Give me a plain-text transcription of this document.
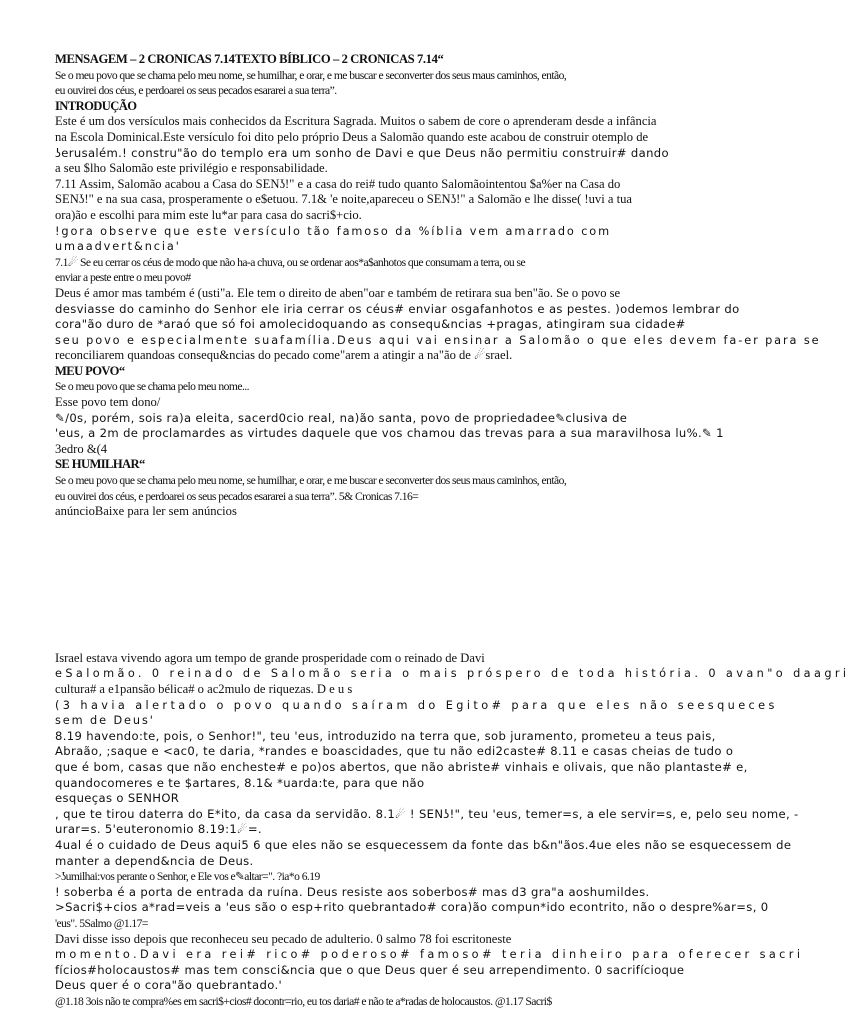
MENSAGEM – 2 CRONICAS 7.14TEXTO BÍBLICO – 2 CRONICAS 7.14“
Se o meu povo que se chama pelo meu nome, se humilhar, e orar, e me buscar e seconverter dos seus maus caminhos, então,
eu ouvirei dos céus, e perdoarei os seus pecados esararei a sua terra”.
INTRODUÇÃO
Este é um dos versículos mais conhecidos da Escritura Sagrada. Muitos o sabem de core o aprenderam desde a infância
na Escola Dominical.Este versículo foi dito pelo próprio Deus a Salomão quando este acabou de construir otemplo de
ʖerusalém.! constru"ão do templo era um sonho de Davi e que Deus não permitiu construir# dando
a seu $lho Salomão este privilégio e responsabilidade.
7.11 Assim, Salomão acabou a Casa do SENʖ!" e a casa do rei# tudo quanto Salomãointentou $a%er na Casa do
SENʖ!" e na sua casa, prosperamente o e$etuou. 7.1& 'e noite,apareceu o SENʖ!" a Salomão e lhe disse( !uvi a tua
ora)ão e escolhi para mim este lu*ar para casa do sacri$+cio.
!gora observe que este versículo tão famoso da %íblia vem amarrado com
umaadvert&ncia'
7.1☄ Se eu cerrar os céus de modo que não ha-a chuva, ou se ordenar aos*a$anhotos que consumam a terra, ou se
enviar a peste entre o meu povo#
Deus é amor mas também é (usti"a. Ele tem o direito de aben"oar e também de retirara sua ben"ão. Se o povo se
desviasse do caminho do Senhor ele iria cerrar os céus# enviar osgafanhotos e as pestes. )odemos lembrar do
cora"ão duro de *araó que só foi amolecidoquando as consequ&ncias +pragas, atingiram sua cidade#
seu povo e especialmente suafamília.Deus aqui vai ensinar a Salomão o que eles devem fa-er para se
reconciliarem quandoas consequ&ncias do pecado come"arem a atingir a na"ão de ☄srael.
MEU POVO“
Se o meu povo que se chama pelo meu nome...
Esse povo tem dono/
✎/0s, porém, sois ra)a eleita, sacerd0cio real, na)ão santa, povo de propriedadee✎clusiva de
'eus, a 2m de proclamardes as virtudes daquele que vos chamou das trevas para a sua maravilhosa lu%.✎ 1
3edro &(4
SE HUMILHAR“
Se o meu povo que se chama pelo meu nome, se humilhar, e orar, e me buscar e seconverter dos seus maus caminhos, então,
eu ouvirei dos céus, e perdoarei os seus pecados esararei a sua terra”. 5& Cronicas 7.16=
anúncioBaixe para ler sem anúncios
Israel estava vivendo agora um tempo de grande prosperidade com o reinado de Davi
eSalomão. 0 reinado de Salomão seria o mais próspero de toda história. 0 avan"o daagri
cultura# a e1pansão bélica# o ac2mulo de riquezas. D e u s
(3 havia alertado o povo quando saíram do Egito# para que eles não seesqueces
sem de Deus'
8.19 havendo:te, pois, o Senhor!", teu 'eus, introduzido na terra que, sob juramento, prometeu a teus pais,
Abraão, ;saque e <ac0, te daria, *randes e boascidades, que tu não edi2caste# 8.11 e casas cheias de tudo o
que é bom, casas que não encheste# e po)os abertos, que não abriste# vinhais e olivais, que não plantaste# e,
quandocomeres e te $artares, 8.1& *uarda:te, para que não
esqueças o SENHOR
, que te tirou daterra do E*ito, da casa da servidão. 8.1☄ ! SENʖ!", teu 'eus, temer=s, a ele servir=s, e, pelo seu nome, -
urar=s. 5'euteronomio 8.19:1☄=.
4ual é o cuidado de Deus aqui5 6 que eles não se esquecessem da fonte das b&n"ãos.4ue eles não se esquecessem de
manter a depend&ncia de Deus.
>ʖumilhai:vos perante o Senhor, e Ele vos e✎altar=". ?ia*o 6.19
! soberba é a porta de entrada da ruína. Deus resiste aos soberbos# mas d3 gra"a aoshumildes.
>Sacri$+cios a*rad=veis a 'eus são o esp+rito quebrantado# cora)ão compun*ido econtrito, não o despre%ar=s, 0
'eus". 5Salmo @1.17=
Davi disse isso depois que reconheceu seu pecado de adulterio. 0 salmo 78 foi escritoneste
momento.Davi era rei# rico# poderoso# famoso# teria dinheiro para oferecer sacri
fícios#holocaustos# mas tem consci&ncia que o que Deus quer é seu arrependimento. 0 sacrifícioque
Deus quer é o cora"ão quebrantado.'
@1.18 3ois não te compra%es em sacri$+cios# docontr=rio, eu tos daria# e não te a*radas de holocaustos. @1.17 Sacri$
